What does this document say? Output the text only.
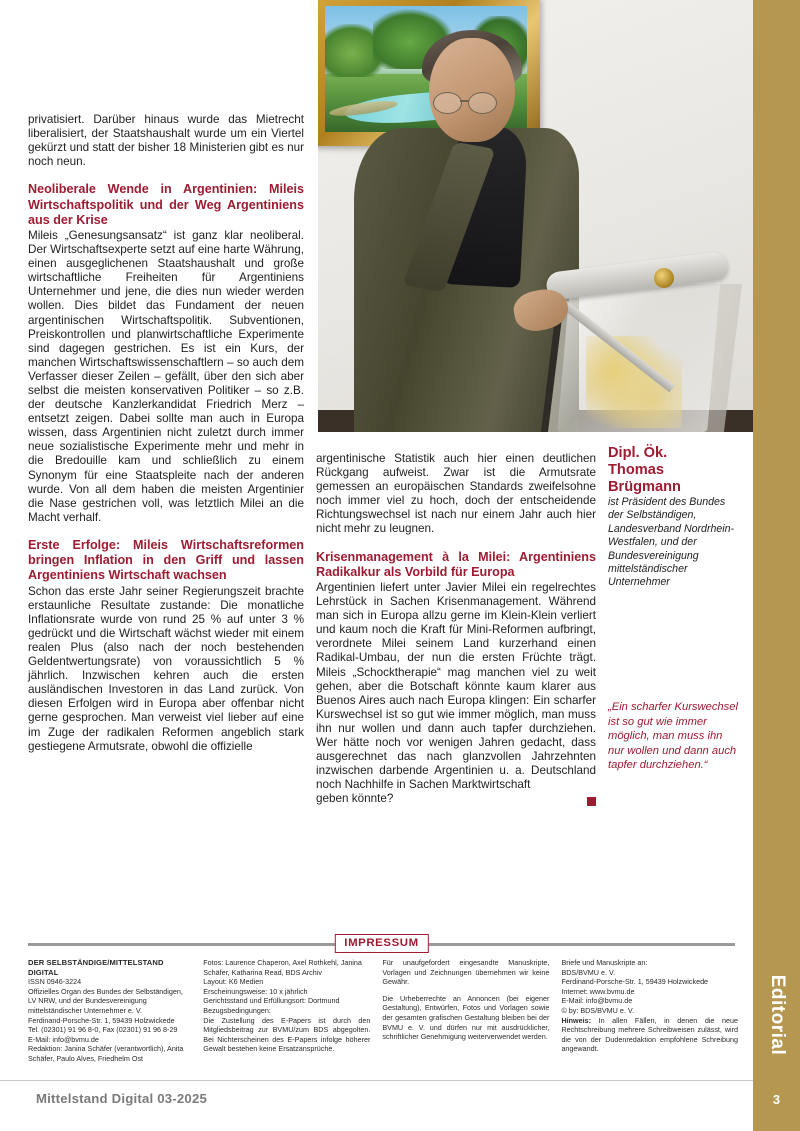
privatisiert. Darüber hinaus wurde das Mietrecht liberalisiert, der Staatshaushalt wurde um ein Viertel gekürzt und statt der bisher 18 Ministerien gibt es nur noch neun.

Neoliberale Wende in Argentinien: Mileis Wirtschaftspolitik und der Weg Argentiniens aus der Krise

Mileis „Genesungsansatz“ ist ganz klar neoliberal. Der Wirtschaftsexperte setzt auf eine harte Währung, einen ausgeglichenen Staatshaushalt und große wirtschaftliche Freiheiten für Argentiniens Unternehmer und jene, die dies nun wieder werden wollen. Dies bildet das Fundament der neuen argentinischen Wirtschaftspolitik. Subventionen, Preiskontrollen und planwirtschaftliche Experimente sind dagegen gestrichen. Es ist ein Kurs, der manchen Wirtschaftswissenschaftlern – so auch dem Verfasser dieser Zeilen – gefällt, über den sich aber selbst die meisten konservativen Politiker – so z.B. der deutsche Kanzlerkandidat Friedrich Merz – entsetzt zeigen. Dabei sollte man auch in Europa wissen, dass Argentinien nicht zuletzt durch immer neue sozialistische Experimente mehr und mehr in die Bredouille kam und schließlich zu einem Synonym für eine Staatspleite nach der anderen wurde. Von all dem haben die meisten Argentinier die Nase gestrichen voll, was letztlich Milei an die Macht verhalf.

Erste Erfolge: Mileis Wirtschaftsreformen bringen Inflation in den Griff und lassen Argentiniens Wirtschaft wachsen

Schon das erste Jahr seiner Regierungszeit brachte erstaunliche Resultate zustande: Die monatliche Inflationsrate wurde von rund 25 % auf unter 3 % gedrückt und die Wirtschaft wächst wieder mit einem realen Plus (also nach der noch bestehenden Geldentwertungsrate) von voraussichtlich 5 % jährlich. Inzwischen kehren auch die ersten ausländischen Investoren in das Land zurück. Von diesen Erfolgen wird in Europa aber offenbar nicht gerne gesprochen. Man verweist viel lieber auf eine im Zuge der radikalen Reformen angeblich stark gestiegene Armutsrate, obwohl die offizielle

argentinische Statistik auch hier einen deutlichen Rückgang aufweist. Zwar ist die Armutsrate gemessen an europäischen Standards zweifelsohne noch immer viel zu hoch, doch der entscheidende Richtungswechsel ist nach nur einem Jahr auch hier nicht mehr zu leugnen.

Krisenmanagement à la Milei: Argentiniens Radikalkur als Vorbild für Europa

Argentinien liefert unter Javier Milei ein regelrechtes Lehrstück in Sachen Krisenmanagement. Während man sich in Europa allzu gerne im Klein-Klein verliert und kaum noch die Kraft für Mini-Reformen aufbringt, verordnete Milei seinem Land kurzerhand einen Radikal-Umbau, der nun die ersten Früchte trägt. Mileis „Schocktherapie“ mag manchen viel zu weit gehen, aber die Botschaft könnte kaum klarer aus Buenos Aires auch nach Europa klingen: Ein scharfer Kurswechsel ist so gut wie immer möglich, man muss ihn nur wollen und dann auch tapfer durchziehen. Wer hätte noch vor wenigen Jahren gedacht, dass ausgerechnet das nach glanzvollen Jahrzehnten inzwischen darbende Argentinien u. a. Deutschland noch Nachhilfe in Sachen Marktwirtschaft

geben könnte?

Dipl. Ök.

Thomas Brügmann

ist Präsident des Bundes der Selbständigen, Landesverband Nordrhein-Westfalen, und der Bundesvereinigung mittelständischer Unternehmer

„Ein scharfer Kurswechsel ist so gut wie immer möglich, man muss ihn nur wollen und dann auch tapfer durchziehen.“
IMPRESSUM

DER SELBSTÄNDIGE/MITTELSTAND DIGITAL

ISSN 0946-3224

Offizielles Organ des Bundes der Selbständigen, LV NRW, und der Bundesvereinigung mittelständischer Unternehmer e. V.

Ferdinand-Porsche-Str. 1, 59439 Holzwickede

Tel. (02301) 91 96 8-0, Fax (02301) 91 96 8-29

E-Mail: info@bvmu.de

Redaktion: Janina Schäfer (verantwortlich), Anita Schäfer, Paulo Alves, Friedhelm Ost

Fotos: Laurence Chaperon, Axel Rothkehl, Janina Schäfer, Katharina Read, BDS Archiv

Layout: K6 Medien

Erscheinungsweise: 10 x jährlich

Gerichtsstand und Erfüllungsort: Dortmund

Bezugsbedingungen:

Die Zustellung des E-Papers ist durch den Mitgliedsbeitrag zur BVMU/zum BDS abgegolten. Bei Nichterscheinen des E-Papers infolge höherer Gewalt bestehen keine Ersatzansprüche.

Für unaufgefordert eingesandte Manuskripte, Vorlagen und Zeichnungen übernehmen wir keine Gewähr.

Die Urheberrechte an Annoncen (bei eigener Gestaltung), Entwürfen, Fotos und Vorlagen sowie der gesamten grafischen Gestaltung bleiben bei der BVMU e. V. und dürfen nur mit ausdrücklicher, schriftlicher Genehmigung weiterverwendet werden.

Briefe und Manuskripte an:

BDS/BVMU e. V.

Ferdinand-Porsche-Str. 1, 59439 Holzwickede

Internet: www.bvmu.de

E-Mail: info@bvmu.de

© by: BDS/BVMU e. V.

Hinweis: In allen Fällen, in denen die neue Rechtschreibung mehrere Schreibweisen zulässt, wird die von der Dudenredaktion empfohlene Schreibung angewandt.

Mittelstand Digital 03-2025
Editorial
3
